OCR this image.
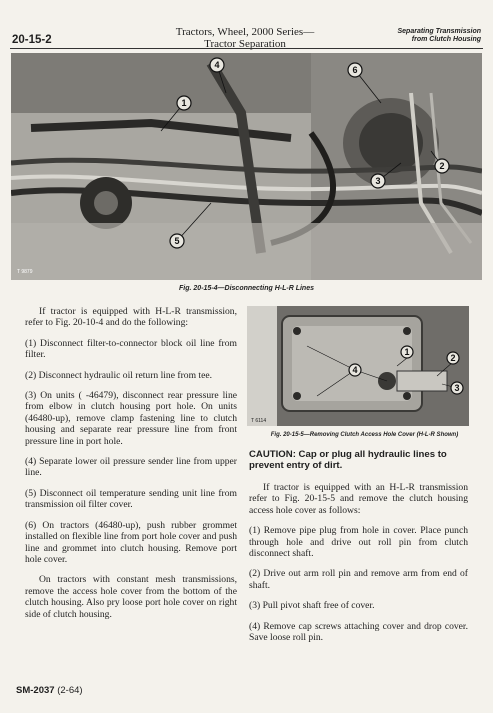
20-15-2
Tractors, Wheel, 2000 Series—
Tractor Separation
Separating Transmission
from Clutch Housing
1
4	6
3
2
5
T 9879
Fig. 20-15-4—Disconnecting H-L-R Lines

If tractor is equipped with H-L-R transmission, refer to Fig. 20-10-4 and do the following:

(1) Disconnect filter-to-connector block oil line from filter.

(2) Disconnect hydraulic oil return line from tee.

(3) On units ( -46479), disconnect rear pressure line from elbow in clutch housing port hole. On units (46480-up), remove clamp fastening line to clutch housing and separate rear pressure line from front pressure line in port hole.

(4) Separate lower oil pressure sender line from upper line.

(5) Disconnect oil temperature sending unit line from transmission oil filter cover.

(6) On tractors (46480-up), push rubber grommet installed on flexible line from port hole cover and push line and grommet into clutch housing. Remove port hole cover.

On tractors with constant mesh transmissions, remove the access hole cover from the bottom of the clutch housing. Also pry loose port hole cover on right side of clutch housing.

1
4
2
3
T 6114
Fig. 20-15-5—Removing Clutch Access Hole Cover (H-L-R Shown)

CAUTION: Cap or plug all hydraulic lines to prevent entry of dirt.

If tractor is equipped with an H-L-R transmission refer to Fig. 20-15-5 and remove the clutch housing access hole cover as follows:

(1) Remove pipe plug from hole in cover. Place punch through hole and drive out roll pin from clutch disconnect shaft.

(2) Drive out arm roll pin and remove arm from end of shaft.

(3) Pull pivot shaft free of cover.

(4) Remove cap screws attaching cover and drop cover. Save loose roll pin.

SM-2037 (2-64)
